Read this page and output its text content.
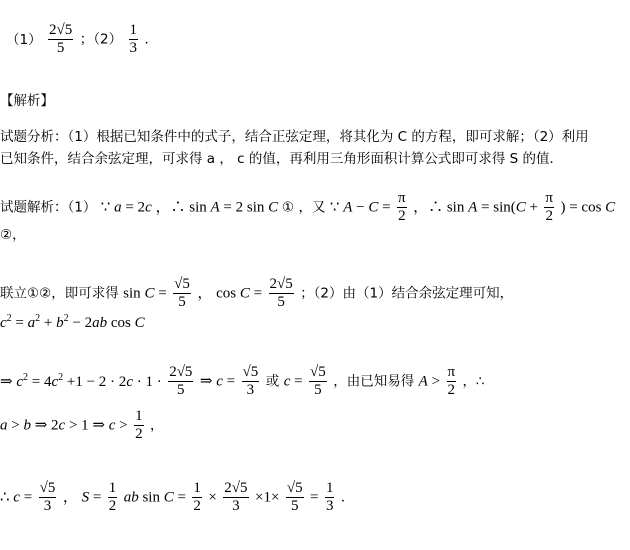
$(1) \frac{2√5}{5}$ ；$(2) \frac{1}{3}$ ．
【解析】
试题分析：（1）根据已知条件中的式子，结合正弦定理，将其化为 C 的方程，即可求解；（2）利用
已知条件，结合余弦定理，可求得 a ， c 的值，再利用三角形面积计算公式即可求得 S 的值．
试题解析：（1） ∵ a = 2c ，∴ sin A = 2 sin C ① ，又 ∵ $A - C = \frac{\pi}{2}$ ，∴ $\sin A = \sin(C + \frac{\pi}{2}$ ) = cos C
②，
联立①②，即可求得 $\sin C = \frac{√5}{5}$ ， $\cos C = \frac{2√5}{5}$ ；（2）由（1）结合余弦定理可知，
$c^2 = a^2 + b^2 - 2ab$ cos C
⇒ $c^2 = 4c^2 +1 - 2 \cdot 2c \cdot 1 \cdot \frac{2√5}{5}$ ⇒ $c = \frac{√5}{3}$ 或 $c = \frac{√5}{5}$ ，由已知易得 $A > \frac{\pi}{2}$ ，∴
a > b ⇒ 2c > 1 ⇒ $c > \frac{1}{2}$ ，
∴ $c = \frac{√5}{3}$ ， $S = \frac{1}{2}$ ab $\sin C = \frac{1}{2} \times \frac{2√5}{3} \times 1\times \frac{√5}{5} = \frac{1}{3}$ ．
